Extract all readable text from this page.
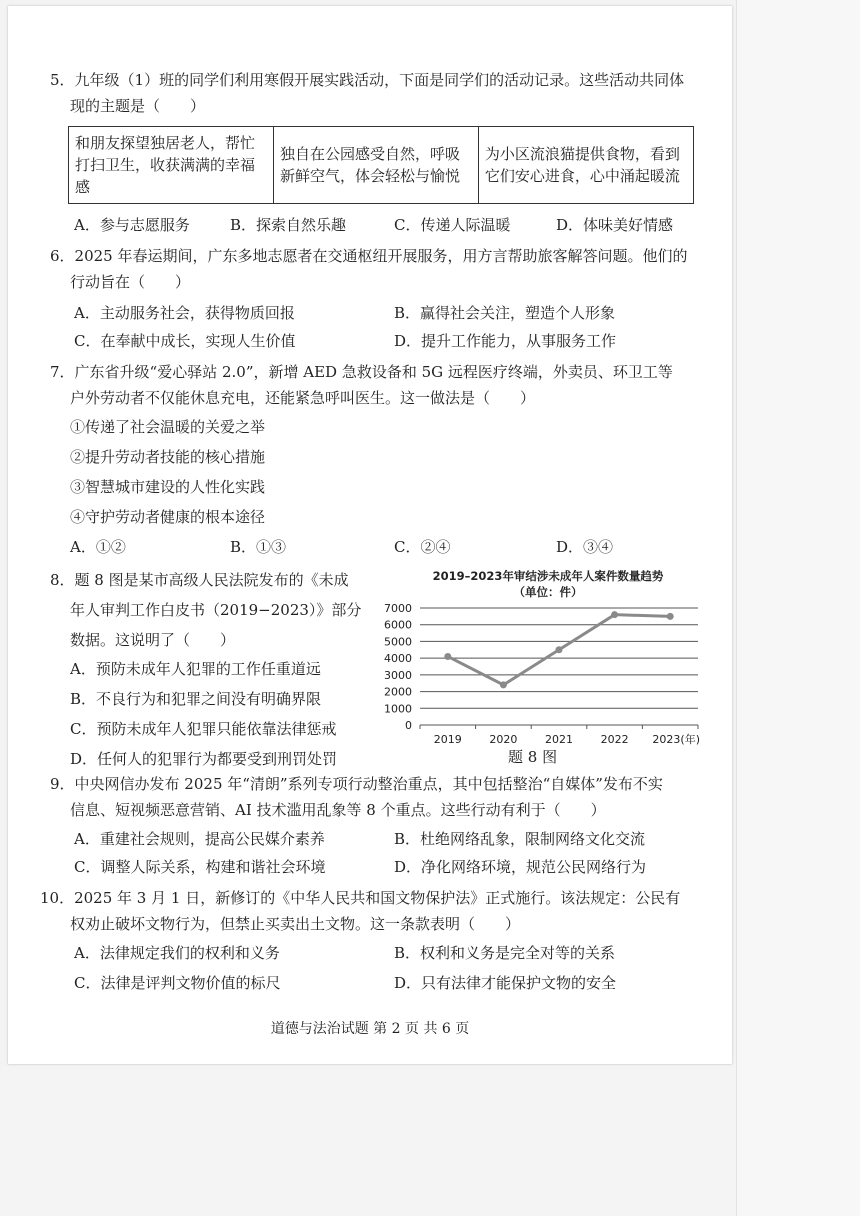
5．九年级（1）班的同学们利用寒假开展实践活动，下面是同学们的活动记录。这些活动共同体
现的主题是（　　）
和朋友探望独居老人，帮忙打扫卫生，收获满满的幸福感	独自在公园感受自然，呼吸新鲜空气，体会轻松与愉悦	为小区流浪猫提供食物，看到它们安心进食，心中涌起暖流
A．参与志愿服务	B．探索自然乐趣	C．传递人际温暖	D．体味美好情感
6．2025 年春运期间，广东多地志愿者在交通枢纽开展服务，用方言帮助旅客解答问题。他们的
行动旨在（　　）
A．主动服务社会，获得物质回报	B．赢得社会关注，塑造个人形象
C．在奉献中成长，实现人生价值	D．提升工作能力，从事服务工作
7．广东省升级“爱心驿站 2.0”，新增 AED 急救设备和 5G 远程医疗终端，外卖员、环卫工等
户外劳动者不仅能休息充电，还能紧急呼叫医生。这一做法是（　　）
①传递了社会温暖的关爱之举
②提升劳动者技能的核心措施
③智慧城市建设的人性化实践
④守护劳动者健康的根本途径
A．①②	B．①③	C．②④	D．③④
8．题 8 图是某市高级人民法院发布的《未成
年人审判工作白皮书（2019−2023）》部分
数据。这说明了（　　）
A．预防未成年人犯罪的工作任重道远
B．不良行为和犯罪之间没有明确界限
C．预防未成年人犯罪只能依靠法律惩戒
D．任何人的犯罪行为都要受到刑罚处罚
2019–2023年审结涉未成年人案件数量趋势
（单位：件）
0
1000
2000
3000
4000
5000
6000
7000
2019	2020	2021	2022 2023(年)
题 8 图
9．中央网信办发布 2025 年“清朗”系列专项行动整治重点，其中包括整治“自媒体”发布不实
信息、短视频恶意营销、AI 技术滥用乱象等 8 个重点。这些行动有利于（　　）
A．重建社会规则，提高公民媒介素养	B．杜绝网络乱象，限制网络文化交流
C．调整人际关系，构建和谐社会环境	D．净化网络环境，规范公民网络行为
10．2025 年 3 月 1 日，新修订的《中华人民共和国文物保护法》正式施行。该法规定：公民有
权劝止破坏文物行为，但禁止买卖出土文物。这一条款表明（　　）
A．法律规定我们的权利和义务	B．权利和义务是完全对等的关系
C．法律是评判文物价值的标尺	D．只有法律才能保护文物的安全
道德与法治试题 第 2 页 共 6 页
